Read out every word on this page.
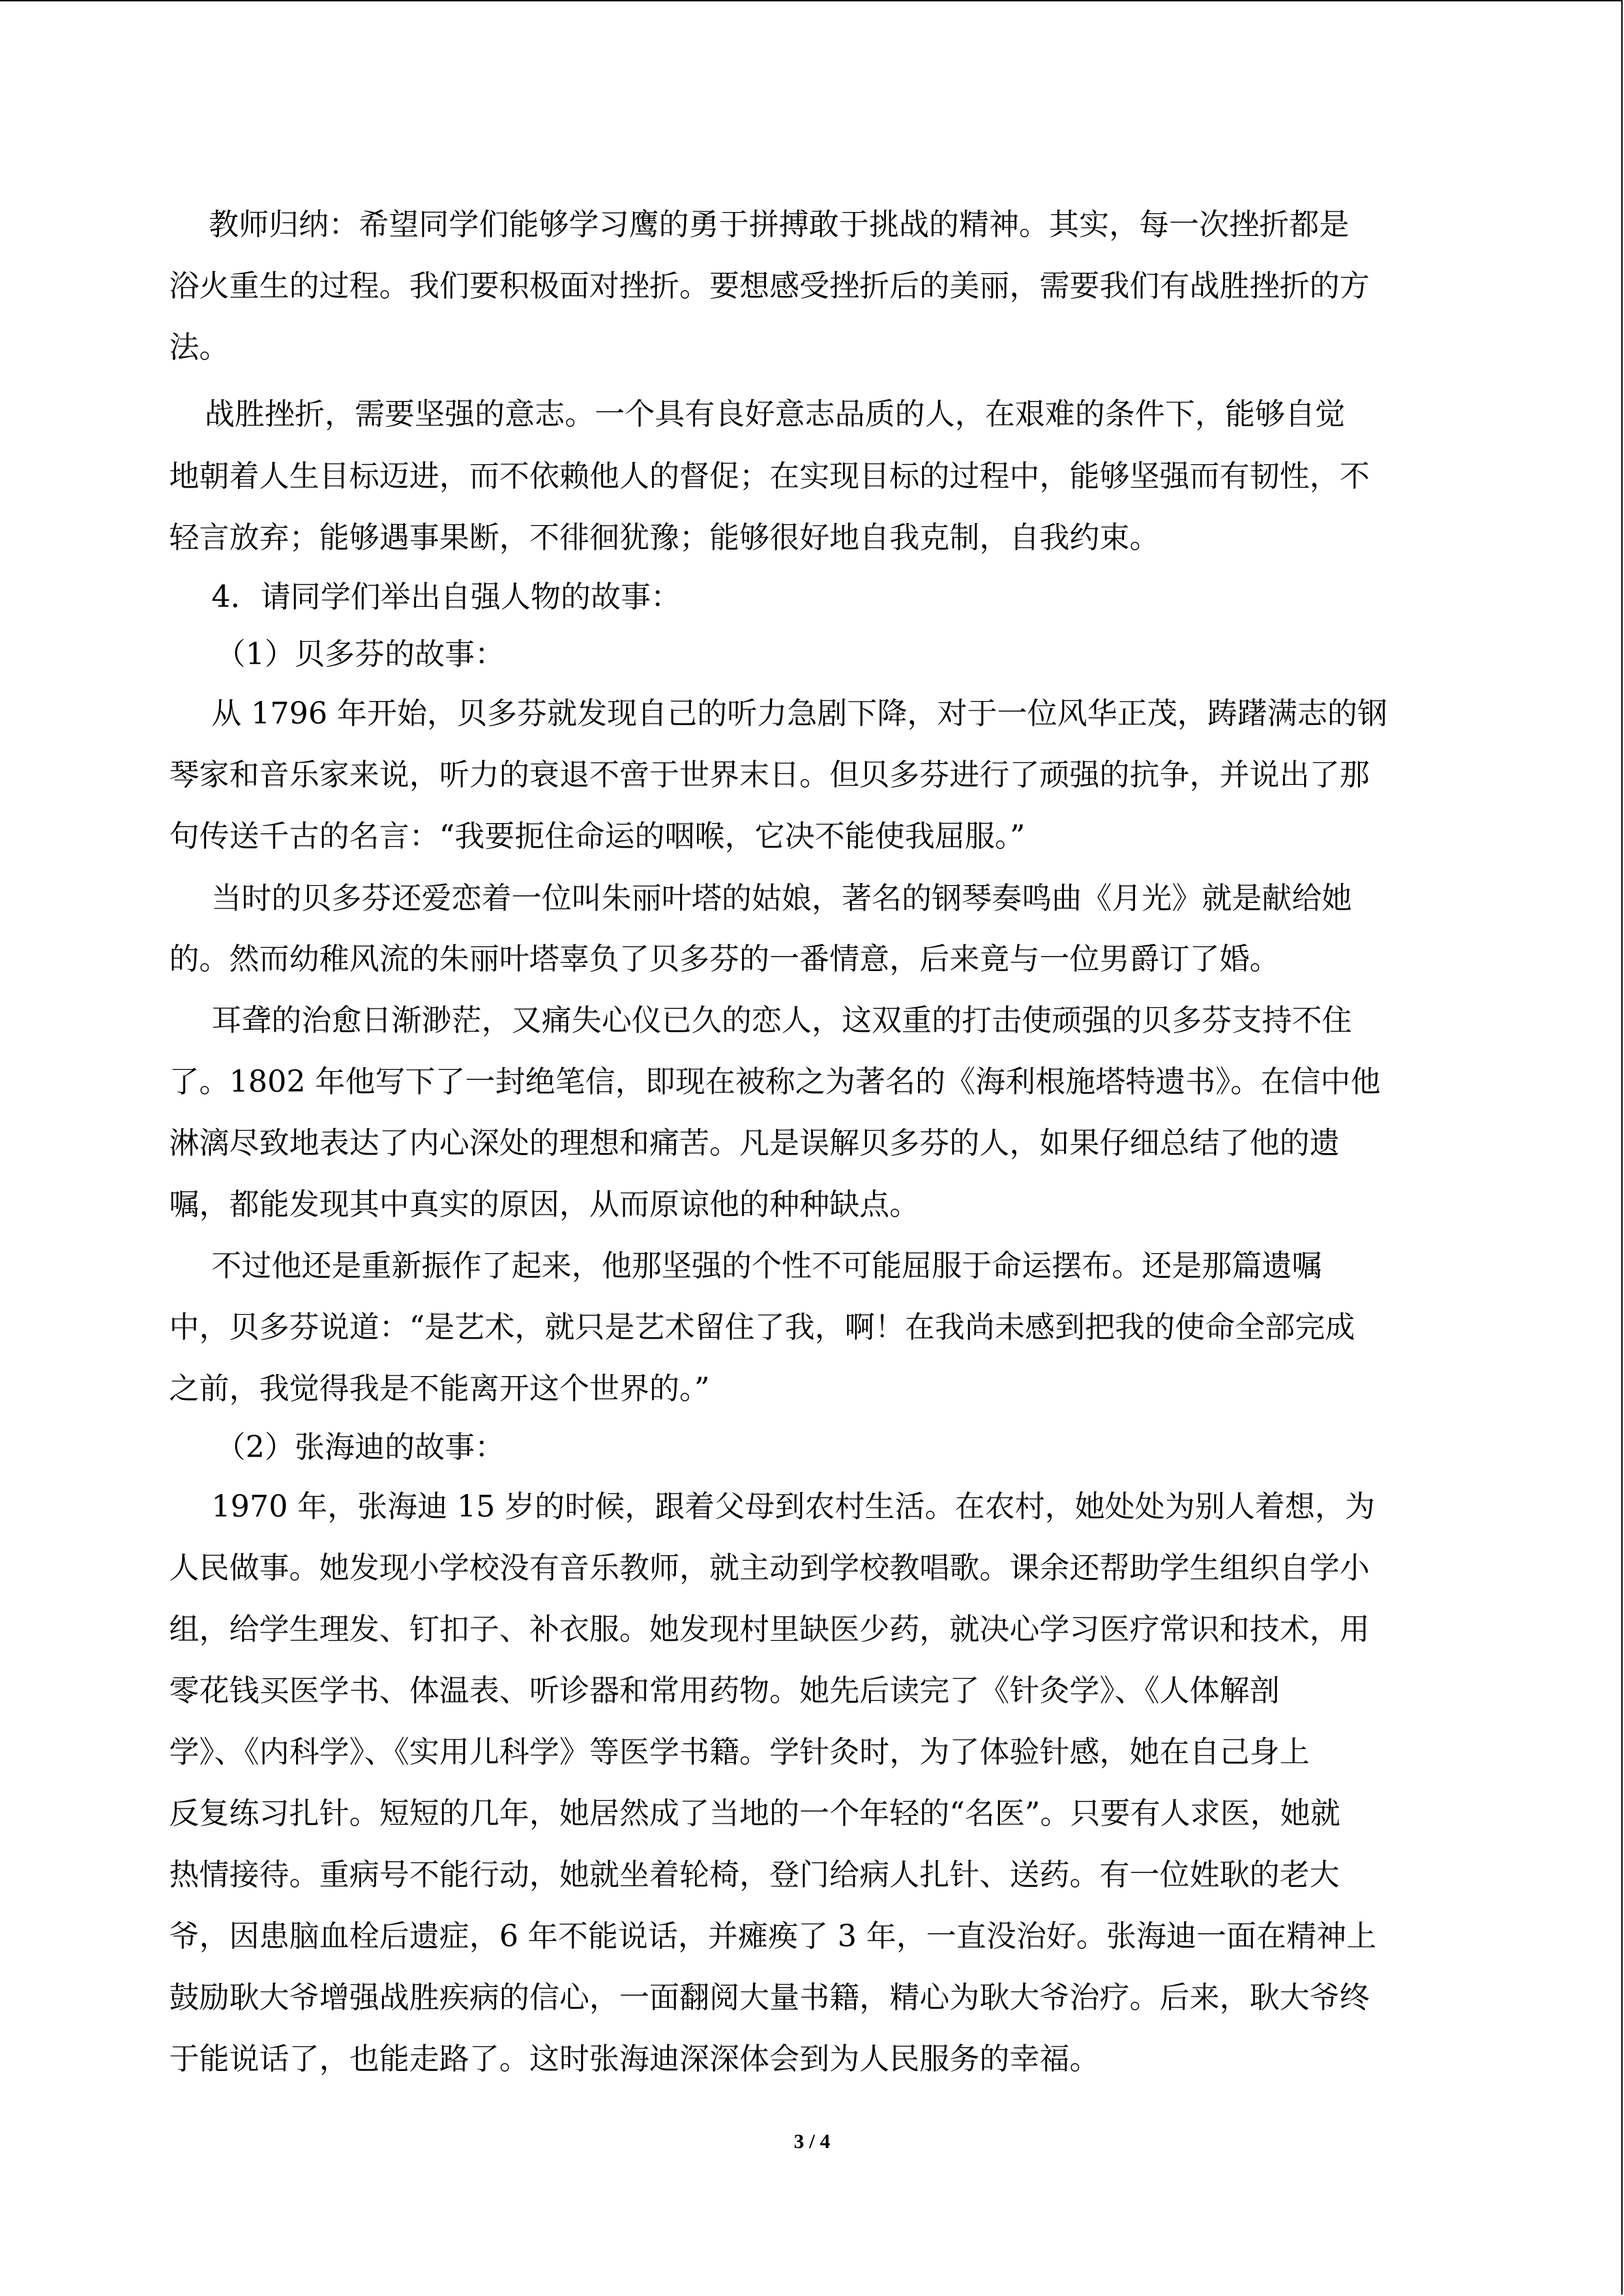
教师归纳：希望同学们能够学习鹰的勇于拼搏敢于挑战的精神。其实，每一次挫折都是
浴火重生的过程。我们要积极面对挫折。要想感受挫折后的美丽，需要我们有战胜挫折的方
法。
战胜挫折，需要坚强的意志。一个具有良好意志品质的人，在艰难的条件下，能够自觉
地朝着人生目标迈进，而不依赖他人的督促；在实现目标的过程中，能够坚强而有韧性，不
轻言放弃；能够遇事果断，不徘徊犹豫；能够很好地自我克制，自我约束。
4．请同学们举出自强人物的故事：
（1）贝多芬的故事：
从 1796 年开始，贝多芬就发现自己的听力急剧下降，对于一位风华正茂，踌躇满志的钢
琴家和音乐家来说，听力的衰退不啻于世界末日。但贝多芬进行了顽强的抗争，并说出了那
句传送千古的名言：“我要扼住命运的咽喉，它决不能使我屈服。”
当时的贝多芬还爱恋着一位叫朱丽叶塔的姑娘，著名的钢琴奏鸣曲《月光》就是献给她
的。然而幼稚风流的朱丽叶塔辜负了贝多芬的一番情意，后来竟与一位男爵订了婚。
耳聋的治愈日渐渺茫，又痛失心仪已久的恋人，这双重的打击使顽强的贝多芬支持不住
了。1802 年他写下了一封绝笔信，即现在被称之为著名的《海利根施塔特遗书》。在信中他
淋漓尽致地表达了内心深处的理想和痛苦。凡是误解贝多芬的人，如果仔细总结了他的遗
嘱，都能发现其中真实的原因，从而原谅他的种种缺点。
不过他还是重新振作了起来，他那坚强的个性不可能屈服于命运摆布。还是那篇遗嘱
中，贝多芬说道：“是艺术，就只是艺术留住了我，啊！在我尚未感到把我的使命全部完成
之前，我觉得我是不能离开这个世界的。”
（2）张海迪的故事：
1970 年，张海迪 15 岁的时候，跟着父母到农村生活。在农村，她处处为别人着想，为
人民做事。她发现小学校没有音乐教师，就主动到学校教唱歌。课余还帮助学生组织自学小
组，给学生理发、钉扣子、补衣服。她发现村里缺医少药，就决心学习医疗常识和技术，用
零花钱买医学书、体温表、听诊器和常用药物。她先后读完了《针灸学》、《人体解剖
学》、《内科学》、《实用儿科学》等医学书籍。学针灸时，为了体验针感，她在自己身上
反复练习扎针。短短的几年，她居然成了当地的一个年轻的“名医”。只要有人求医，她就
热情接待。重病号不能行动，她就坐着轮椅，登门给病人扎针、送药。有一位姓耿的老大
爷，因患脑血栓后遗症，6 年不能说话，并瘫痪了 3 年，一直没治好。张海迪一面在精神上
鼓励耿大爷增强战胜疾病的信心，一面翻阅大量书籍，精心为耿大爷治疗。后来，耿大爷终
于能说话了，也能走路了。这时张海迪深深体会到为人民服务的幸福。
3 / 4
